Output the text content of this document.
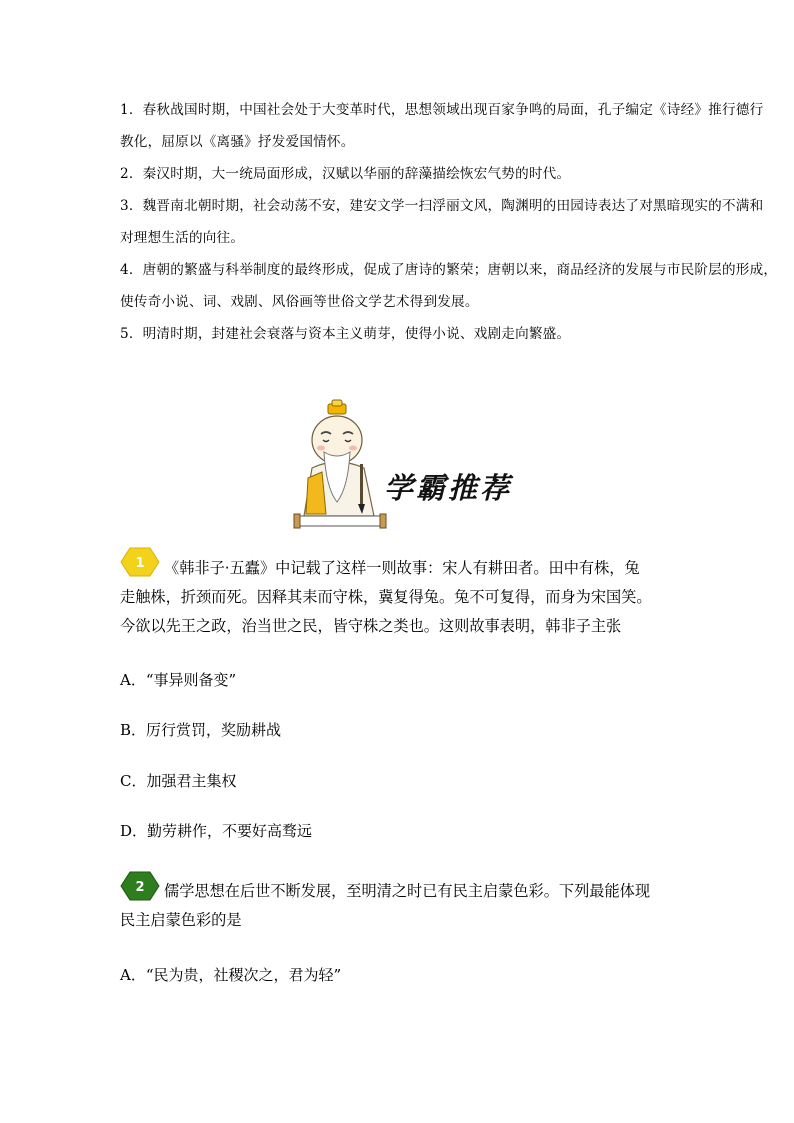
1．春秋战国时期，中国社会处于大变革时代，思想领域出现百家争鸣的局面，孔子编定《诗经》推行德行

教化，屈原以《离骚》抒发爱国情怀。

2．秦汉时期，大一统局面形成，汉赋以华丽的辞藻描绘恢宏气势的时代。

3．魏晋南北朝时期，社会动荡不安，建安文学一扫浮丽文风，陶渊明的田园诗表达了对黑暗现实的不满和

对理想生活的向往。

4．唐朝的繁盛与科举制度的最终形成，促成了唐诗的繁荣；唐朝以来，商品经济的发展与市民阶层的形成，

使传奇小说、词、戏剧、风俗画等世俗文学艺术得到发展。

5．明清时期，封建社会衰落与资本主义萌芽，使得小说、戏剧走向繁盛。

学霸推荐
1	《韩非子·五蠹》中记载了这样一则故事：宋人有耕田者。田中有株，兔
走触株，折颈而死。因释其耒而守株，冀复得兔。兔不可复得，而身为宋国笑。
今欲以先王之政，治当世之民，皆守株之类也。这则故事表明，韩非子主张

A．“事异则备变”

B．厉行赏罚，奖励耕战

C．加强君主集权

D．勤劳耕作，不要好高骛远

2	儒学思想在后世不断发展，至明清之时已有民主启蒙色彩。下列最能体现
民主启蒙色彩的是

A．“民为贵，社稷次之，君为轻”
